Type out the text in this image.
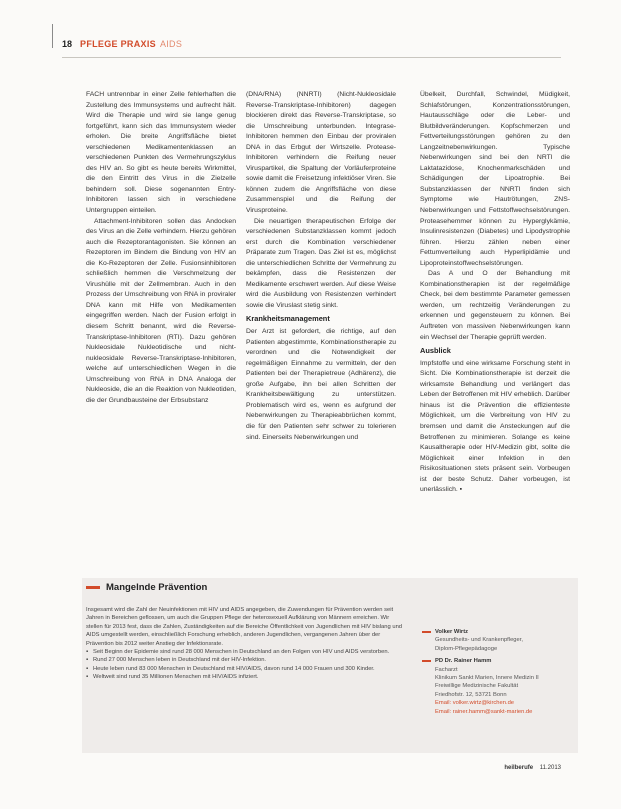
18 PFLEGE PRAXIS AIDS

FACH untrennbar in einer Zelle fehlerhaften die Zustellung des Immunsystems und aufrecht hält. Wird die Therapie und wird sie lange genug fortgeführt, kann sich das Immunsystem wieder erholen. Die breite Angriffsfläche bietet verschiedenen Medikamentenklassen an verschiedenen Punkten des Vermehrungszyklus des HIV an. So gibt es heute bereits Wirkmittel, die den Eintritt des Virus in die Zielzelle behindern soll. Diese sogenannten Entry-Inhibitoren lassen sich in verschiedene Untergruppen einteilen.

Attachment-Inhibitoren sollen das Andocken des Virus an die Zelle verhindern. Hierzu gehören auch die Rezeptorantagonisten. Sie können an Rezeptoren im Bindern die Bindung von HIV an die Ko-Rezeptoren der Zelle. Fusionsinhibitoren schließlich hemmen die Verschmelzung der Virushülle mit der Zellmembran. Auch in den Prozess der Umschreibung von RNA in proviraler DNA kann mit Hilfe von Medikamenten eingegriffen werden. Nach der Fusion erfolgt in diesem Schritt benannt, wird die Reverse-Transkriptase-Inhibitoren (RTI). Dazu gehören Nukleosidale Nukleotidische und nicht-nukleosidale Reverse-Transkriptase-Inhibitoren, welche auf unterschiedlichen Wegen in die Umschreibung von RNA in DNA Analoga der Nukleoside, die an die Reaktion von Nukleotiden, die der Grundbausteine der Erbsubstanz

(DNA/RNA) (NNRTI) (Nicht-Nukleosidale Reverse-Transkriptase-Inhibitoren) dagegen blockieren direkt das Reverse-Transkriptase, so die Umschreibung unterbunden. Integrase-Inhibitoren hemmen den Einbau der proviralen DNA in das Erbgut der Wirtszelle. Protease-Inhibitoren verhindern die Reifung neuer Viruspartikel, die Spaltung der Vorläuferproteine sowie damit die Freisetzung infektiöser Viren. Sie können zudem die Angriffsfläche von diese Zusammenspiel und die Reifung der Virusproteine.

Die neuartigen therapeutischen Erfolge der verschiedenen Substanzklassen kommt jedoch erst durch die Kombination verschiedener Präparate zum Tragen. Das Ziel ist es, möglichst die unterschiedlichen Schritte der Vermehrung zu bekämpfen, dass die Resistenzen der Medikamente erschwert werden. Auf diese Weise wird die Ausbildung von Resistenzen verhindert sowie die Viruslast stetig sinkt.

Krankheitsmanagement

Der Arzt ist gefordert, die richtige, auf den Patienten abgestimmte, Kombinationstherapie zu verordnen und die Notwendigkeit der regelmäßigen Einnahme zu vermitteln, der den Patienten bei der Therapietreue (Adhärenz), die große Aufgabe, ihn bei allen Schritten der Krankheitsbewältigung zu unterstützen. Problematisch wird es, wenn es aufgrund der Nebenwirkungen zu Therapieabbrüchen kommt, die für den Patienten sehr schwer zu tolerieren sind. Einerseits Nebenwirkungen und

Übelkeit, Durchfall, Schwindel, Müdigkeit, Schlafstörungen, Konzentrationsstörungen, Hautausschläge oder die Leber- und Blutbildveränderungen. Kopfschmerzen und Fettverteilungsstörungen gehören zu den Langzeitnebenwirkungen. Typische Nebenwirkungen sind bei den NRTI die Laktatazidose, Knochenmarkschäden und Schädigungen der Lipoatrophie. Bei Substanzklassen der NNRTI finden sich Symptome wie Hautrötungen, ZNS-Nebenwirkungen und Fettstoffwechselstörungen. Proteasehemmer können zu Hyperglykämie, Insulinresistenzen (Diabetes) und Lipodystrophie führen. Hierzu zählen neben einer Fettumverteilung auch Hyperlipidämie und Lipoproteinstoffwechselstörungen.

Das A und O der Behandlung mit Kombinationstherapien ist der regelmäßige Check, bei dem bestimmte Parameter gemessen werden, um rechtzeitig Veränderungen zu erkennen und gegensteuern zu können. Bei Auftreten von massiven Nebenwirkungen kann ein Wechsel der Therapie geprüft werden.

Ausblick

Impfstoffe und eine wirksame Forschung steht in Sicht. Die Kombinationstherapie ist derzeit die wirksamste Behandlung und verlängert das Leben der Betroffenen mit HIV erheblich. Darüber hinaus ist die Prävention die effizienteste Möglichkeit, um die Verbreitung von HIV zu bremsen und damit die Ansteckungen auf die Betroffenen zu minimieren. Solange es keine Kausaltherapie oder HIV-Medizin gibt, sollte die Möglichkeit einer Infektion in den Risikosituationen stets präsent sein. Vorbeugen ist der beste Schutz. Daher vorbeugen, ist unerlässlich. ▪

Mangelnde Prävention

Insgesamt wird die Zahl der Neuinfektionen mit HIV und AIDS angegeben, die Zuwendungen für Prävention werden seit Jahren in Bereichen geflossen, um auch die Gruppen Pflege der heterosexuell Aufklärung von Männern erreichen. Wir stellen für 2013 fest, dass die Zahlen, Zuständigkeiten auf die Bereiche Öffentlichkeit von Jugendlichen mit HIV bislang und AIDS umgestellt werden, einschließlich Forschung erheblich, anderen Jugendlichen, vergangenen Jahren über der Prävention bis 2012 weiter Anstieg der Infektionsrate.

▪ Seit Beginn der Epidemie sind rund 28 000 Menschen in Deutschland an den Folgen von HIV und AIDS verstorben.
▪ Rund 27 000 Menschen leben in Deutschland mit der HIV-Infektion.
▪ Heute leben rund 83 000 Menschen in Deutschland mit HIV/AIDS, davon rund 14 000 Frauen und 300 Kinder.
▪ Weltweit sind rund 35 Millionen Menschen mit HIV/AIDS infiziert.
Volker Wirtz
Gesundheits- und Krankenpfleger,
Diplom-Pflegepädagoge
PD Dr. Rainer Hamm
Facharzt
Klinikum Sankt Marien, Innere Medizin II
Freiwillige Medizinische Fakultät
Friedhofstr. 12, 53721 Bonn
Email: volker.wirtz@kirchen.de
Email: rainer.hamm@sankt-marien.de
heilberufe 11.2013
